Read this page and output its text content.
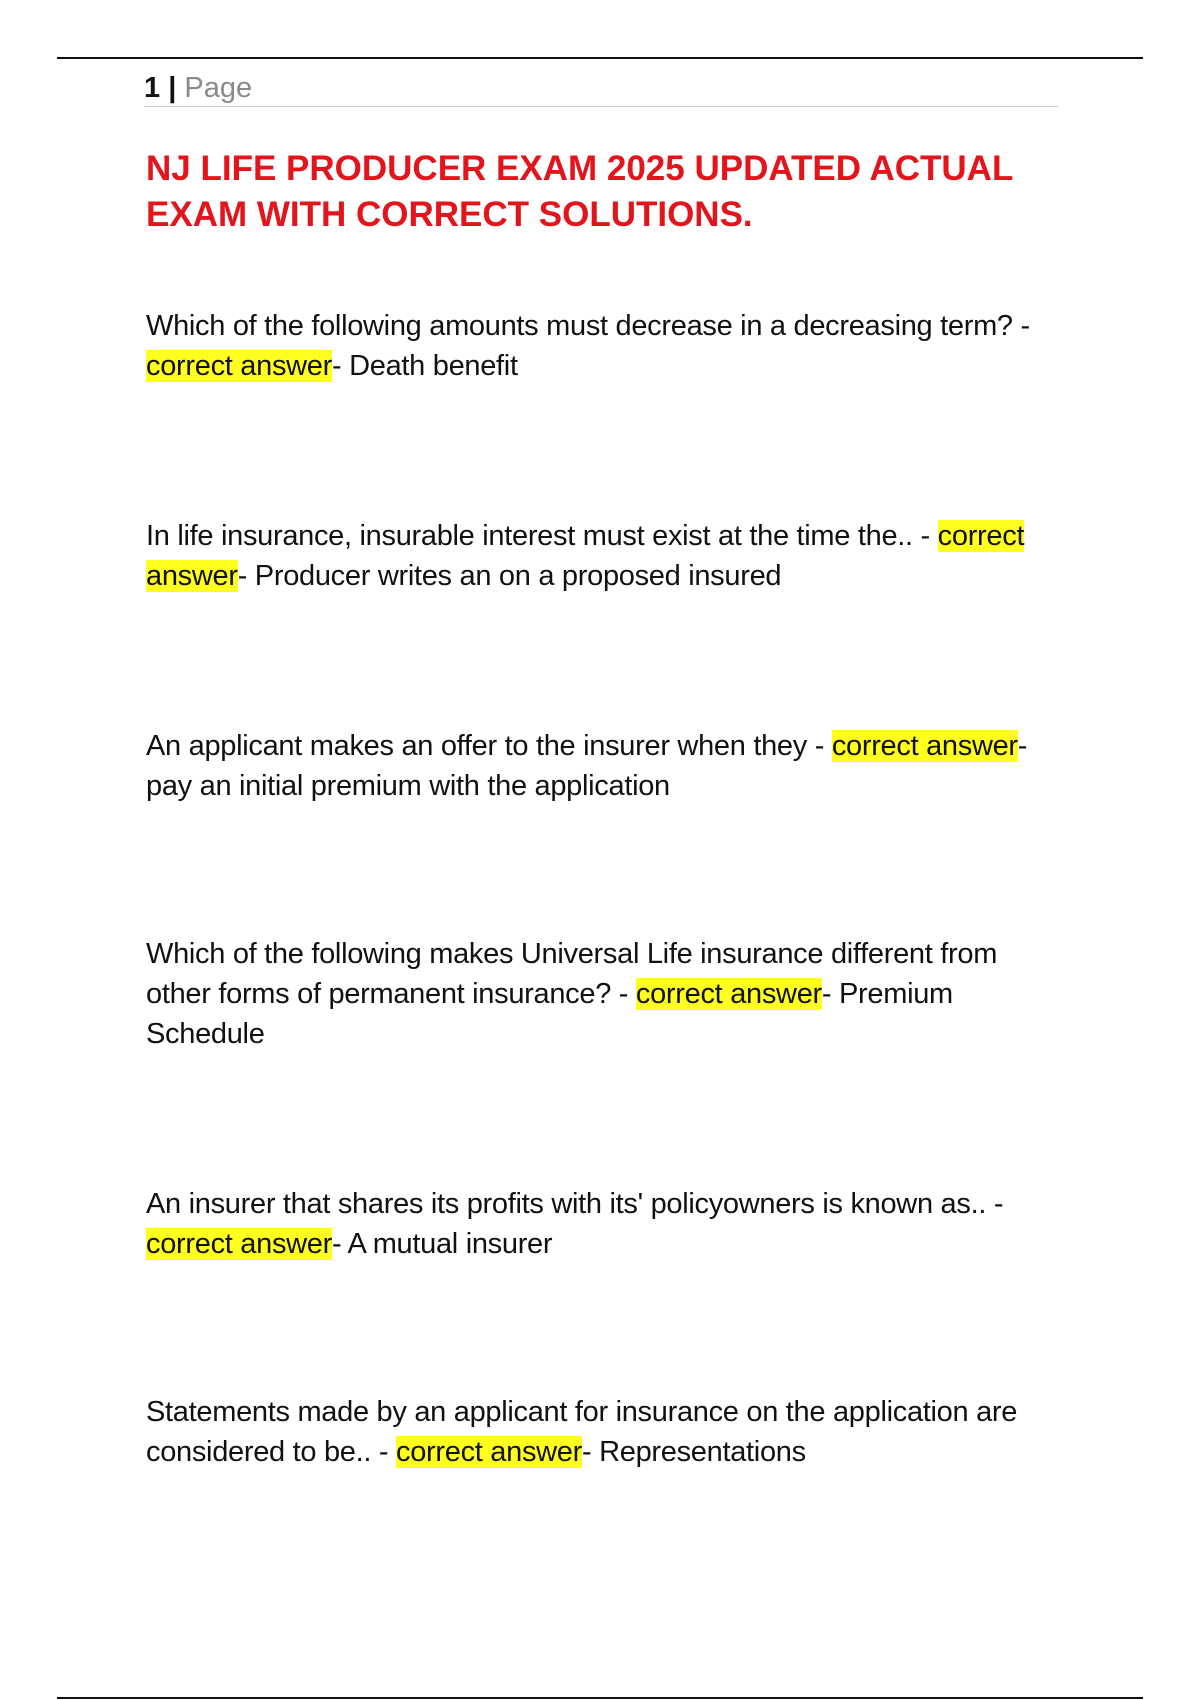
1 | Page
NJ LIFE PRODUCER EXAM 2025 UPDATED ACTUAL EXAM WITH CORRECT SOLUTIONS.

Which of the following amounts must decrease in a decreasing term? - correct answer- Death benefit

In life insurance, insurable interest must exist at the time the.. - correct answer- Producer writes an on a proposed insured

An applicant makes an offer to the insurer when they - correct answer- pay an initial premium with the application

Which of the following makes Universal Life insurance different from other forms of permanent insurance? - correct answer- Premium Schedule

An insurer that shares its profits with its' policyowners is known as.. - correct answer- A mutual insurer

Statements made by an applicant for insurance on the application are considered to be.. - correct answer- Representations
